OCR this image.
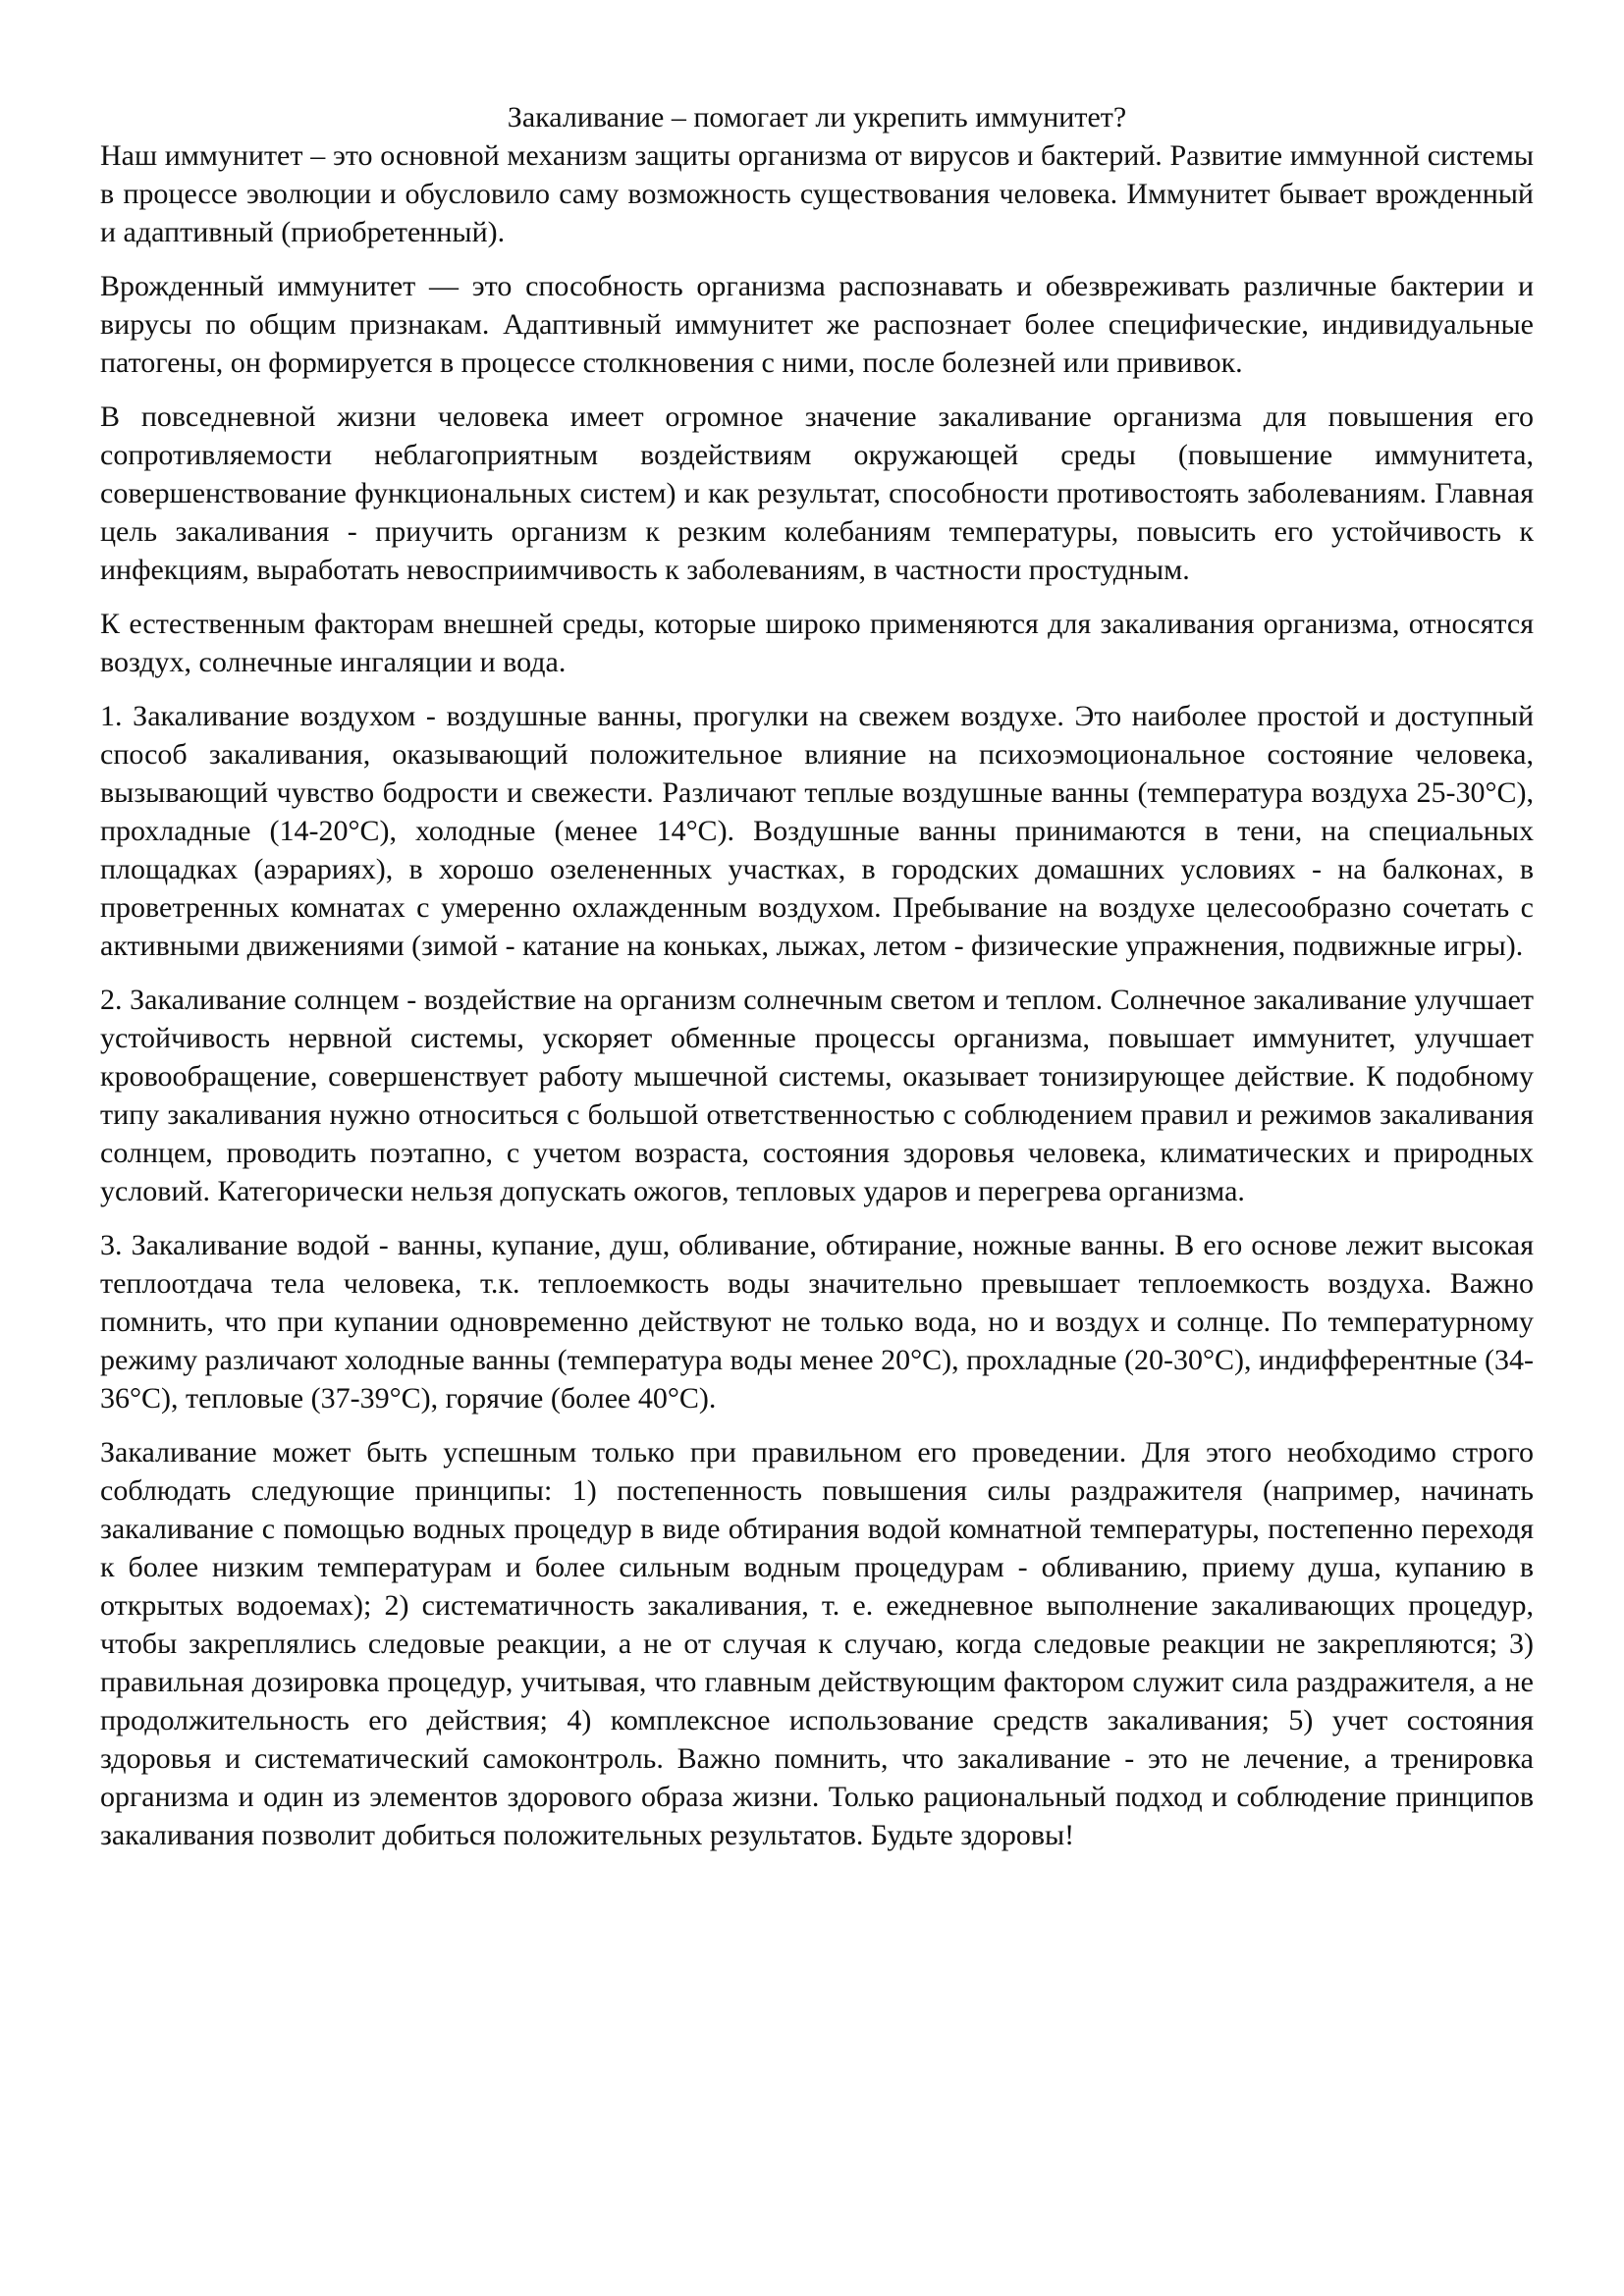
Закаливание – помогает ли укрепить иммунитет?

Наш иммунитет – это основной механизм защиты организма от вирусов и бактерий. Развитие иммунной системы в процессе эволюции и обусловило саму возможность существования человека. Иммунитет бывает врожденный и адаптивный (приобретенный).

Врожденный иммунитет — это способность организма распознавать и обезвреживать различные бактерии и вирусы по общим признакам. Адаптивный иммунитет же распознает более специфические, индивидуальные патогены, он формируется в процессе столкновения с ними, после болезней или прививок.

В повседневной жизни человека имеет огромное значение закаливание организма для повышения его сопротивляемости неблагоприятным воздействиям окружающей среды (повышение иммунитета, совершенствование функциональных систем) и как результат, способности противостоять заболеваниям. Главная цель закаливания - приучить организм к резким колебаниям температуры, повысить его устойчивость к инфекциям, выработать невосприимчивость к заболеваниям, в частности простудным.

К естественным факторам внешней среды, которые широко применяются для закаливания организма, относятся воздух, солнечные ингаляции и вода.

1. Закаливание воздухом - воздушные ванны, прогулки на свежем воздухе. Это наиболее простой и доступный способ закаливания, оказывающий положительное влияние на психоэмоциональное состояние человека, вызывающий чувство бодрости и свежести. Различают теплые воздушные ванны (температура воздуха 25-30°С), прохладные (14-20°С), холодные (менее 14°С). Воздушные ванны принимаются в тени, на специальных площадках (аэрариях), в хорошо озелененных участках, в городских домашних условиях - на балконах, в проветренных комнатах с умеренно охлажденным воздухом. Пребывание на воздухе целесообразно сочетать с активными движениями (зимой - катание на коньках, лыжах, летом - физические упражнения, подвижные игры).

2. Закаливание солнцем - воздействие на организм солнечным светом и теплом. Солнечное закаливание улучшает устойчивость нервной системы, ускоряет обменные процессы организма, повышает иммунитет, улучшает кровообращение, совершенствует работу мышечной системы, оказывает тонизирующее действие. К подобному типу закаливания нужно относиться с большой ответственностью с соблюдением правил и режимов закаливания солнцем, проводить поэтапно, с учетом возраста, состояния здоровья человека, климатических и природных условий. Категорически нельзя допускать ожогов, тепловых ударов и перегрева организма.

3. Закаливание водой - ванны, купание, душ, обливание, обтирание, ножные ванны. В его основе лежит высокая теплоотдача тела человека, т.к. теплоемкость воды значительно превышает теплоемкость воздуха. Важно помнить, что при купании одновременно действуют не только вода, но и воздух и солнце. По температурному режиму различают холодные ванны (температура воды менее 20°С), прохладные (20-30°С), индифферентные (34-36°С), тепловые (37-39°С), горячие (более 40°С).

Закаливание может быть успешным только при правильном его проведении. Для этого необходимо строго соблюдать следующие принципы: 1) постепенность повышения силы раздражителя (например, начинать закаливание с помощью водных процедур в виде обтирания водой комнатной температуры, постепенно переходя к более низким температурам и более сильным водным процедурам - обливанию, приему душа, купанию в открытых водоемах); 2) систематичность закаливания, т. е. ежедневное выполнение закаливающих процедур, чтобы закреплялись следовые реакции, а не от случая к случаю, когда следовые реакции не закрепляются; 3) правильная дозировка процедур, учитывая, что главным действующим фактором служит сила раздражителя, а не продолжительность его действия; 4) комплексное использование средств закаливания; 5) учет состояния здоровья и систематический самоконтроль. Важно помнить, что закаливание - это не лечение, а тренировка организма и один из элементов здорового образа жизни. Только рациональный подход и соблюдение принципов закаливания позволит добиться положительных результатов. Будьте здоровы!
